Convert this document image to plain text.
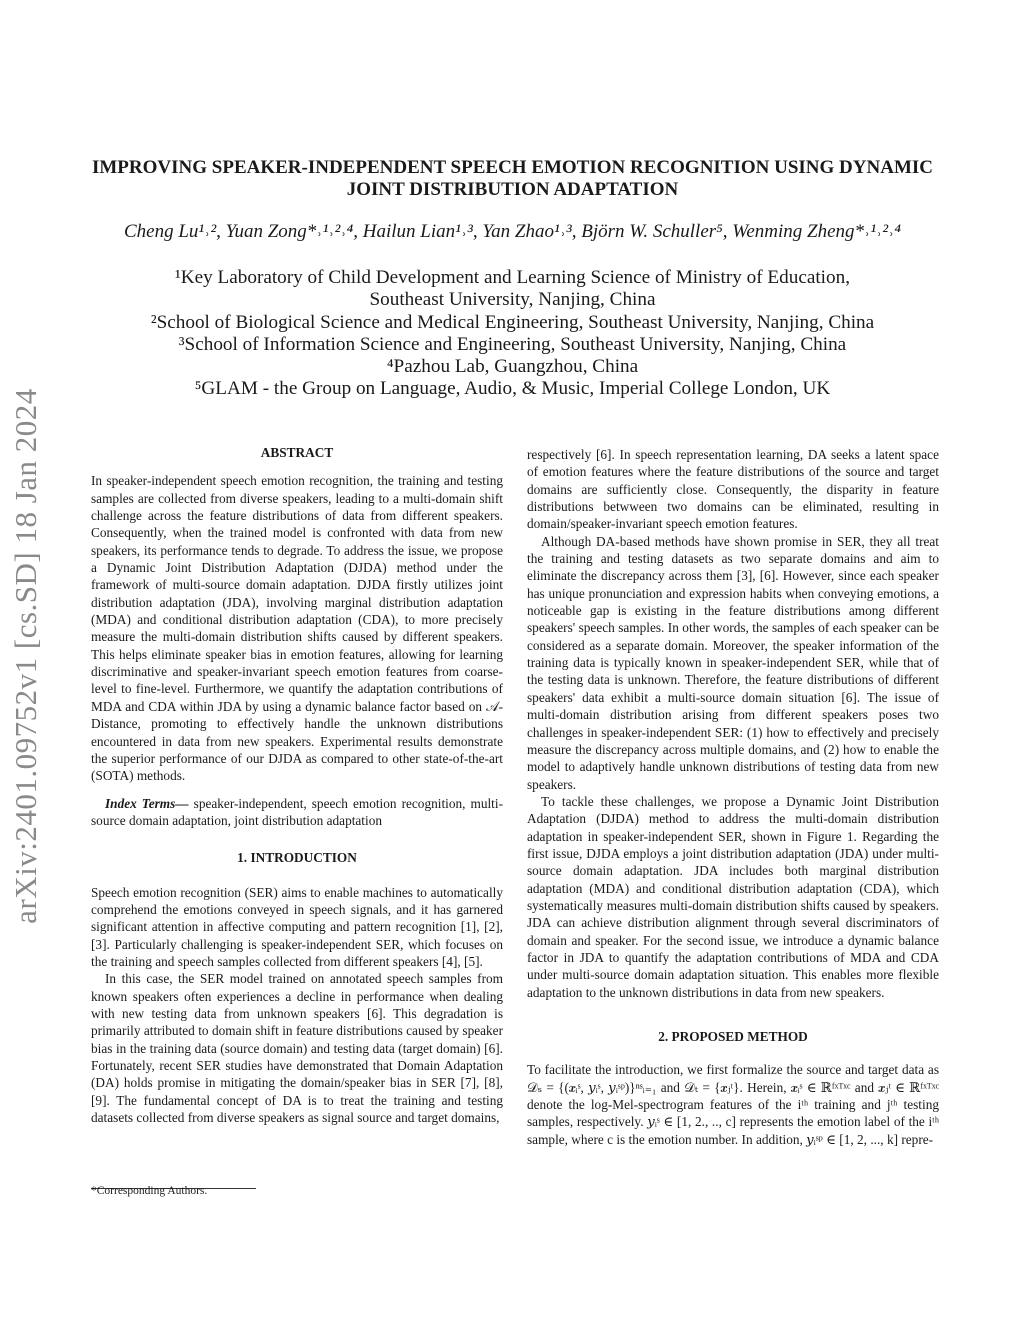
arXiv:2401.09752v1 [cs.SD] 18 Jan 2024
IMPROVING SPEAKER-INDEPENDENT SPEECH EMOTION RECOGNITION USING DYNAMIC JOINT DISTRIBUTION ADAPTATION
Cheng Lu¹˒², Yuan Zong*˒¹˒²˒⁴, Hailun Lian¹˒³, Yan Zhao¹˒³, Björn W. Schuller⁵, Wenming Zheng*˒¹˒²˒⁴
¹Key Laboratory of Child Development and Learning Science of Ministry of Education,
Southeast University, Nanjing, China
²School of Biological Science and Medical Engineering, Southeast University, Nanjing, China
³School of Information Science and Engineering, Southeast University, Nanjing, China
⁴Pazhou Lab, Guangzhou, China
⁵GLAM - the Group on Language, Audio, & Music, Imperial College London, UK

ABSTRACT

In speaker-independent speech emotion recognition, the training and testing samples are collected from diverse speakers, leading to a multi-domain shift challenge across the feature distributions of data from different speakers. Consequently, when the trained model is confronted with data from new speakers, its performance tends to degrade. To address the issue, we propose a Dynamic Joint Distribution Adaptation (DJDA) method under the framework of multi-source domain adaptation. DJDA firstly utilizes joint distribution adaptation (JDA), involving marginal distribution adaptation (MDA) and conditional distribution adaptation (CDA), to more precisely measure the multi-domain distribution shifts caused by different speakers. This helps eliminate speaker bias in emotion features, allowing for learning discriminative and speaker-invariant speech emotion features from coarse-level to fine-level. Furthermore, we quantify the adaptation contributions of MDA and CDA within JDA by using a dynamic balance factor based on 𝒜-Distance, promoting to effectively handle the unknown distributions encountered in data from new speakers. Experimental results demonstrate the superior performance of our DJDA as compared to other state-of-the-art (SOTA) methods.

Index Terms— speaker-independent, speech emotion recognition, multi-source domain adaptation, joint distribution adaptation

1. INTRODUCTION

Speech emotion recognition (SER) aims to enable machines to automatically comprehend the emotions conveyed in speech signals, and it has garnered significant attention in affective computing and pattern recognition [1], [2], [3]. Particularly challenging is speaker-independent SER, which focuses on the training and speech samples collected from different speakers [4], [5].

In this case, the SER model trained on annotated speech samples from known speakers often experiences a decline in performance when dealing with new testing data from unknown speakers [6]. This degradation is primarily attributed to domain shift in feature distributions caused by speaker bias in the training data (source domain) and testing data (target domain) [6]. Fortunately, recent SER studies have demonstrated that Domain Adaptation (DA) holds promise in mitigating the domain/speaker bias in SER [7], [8], [9]. The fundamental concept of DA is to treat the training and testing datasets collected from diverse speakers as signal source and target domains,

*Corresponding Authors.

respectively [6]. In speech representation learning, DA seeks a latent space of emotion features where the feature distributions of the source and target domains are sufficiently close. Consequently, the disparity in feature distributions betwween two domains can be eliminated, resulting in domain/speaker-invariant speech emotion features.

Although DA-based methods have shown promise in SER, they all treat the training and testing datasets as two separate domains and aim to eliminate the discrepancy across them [3], [6]. However, since each speaker has unique pronunciation and expression habits when conveying emotions, a noticeable gap is existing in the feature distributions among different speakers' speech samples. In other words, the samples of each speaker can be considered as a separate domain. Moreover, the speaker information of the training data is typically known in speaker-independent SER, while that of the testing data is unknown. Therefore, the feature distributions of different speakers' data exhibit a multi-source domain situation [6]. The issue of multi-domain distribution arising from different speakers poses two challenges in speaker-independent SER: (1) how to effectively and precisely measure the discrepancy across multiple domains, and (2) how to enable the model to adaptively handle unknown distributions of testing data from new speakers.

To tackle these challenges, we propose a Dynamic Joint Distribution Adaptation (DJDA) method to address the multi-domain distribution adaptation in speaker-independent SER, shown in Figure 1. Regarding the first issue, DJDA employs a joint distribution adaptation (JDA) under multi-source domain adaptation. JDA includes both marginal distribution adaptation (MDA) and conditional distribution adaptation (CDA), which systematically measures multi-domain distribution shifts caused by speakers. JDA can achieve distribution alignment through several discriminators of domain and speaker. For the second issue, we introduce a dynamic balance factor in JDA to quantify the adaptation contributions of MDA and CDA under multi-source domain adaptation situation. This enables more flexible adaptation to the unknown distributions in data from new speakers.

2. PROPOSED METHOD

To facilitate the introduction, we first formalize the source and target data as 𝒟ₛ = {(𝒙ᵢˢ, 𝑦ᵢˢ, 𝑦ᵢˢᵖ)}ⁿˢᵢ₌₁ and 𝒟ₜ = {𝒙ⱼᵗ}. Herein, 𝒙ᵢˢ ∈ ℝᶠˣᵀˣᶜ and 𝒙ⱼᵗ ∈ ℝᶠˣᵀˣᶜ denote the log-Mel-spectrogram features of the iᵗʰ training and jᵗʰ testing samples, respectively. 𝑦ᵢˢ ∈ [1, 2., .., c] represents the emotion label of the iᵗʰ sample, where c is the emotion number. In addition, 𝑦ᵢˢᵖ ∈ [1, 2, ..., k] repre-
